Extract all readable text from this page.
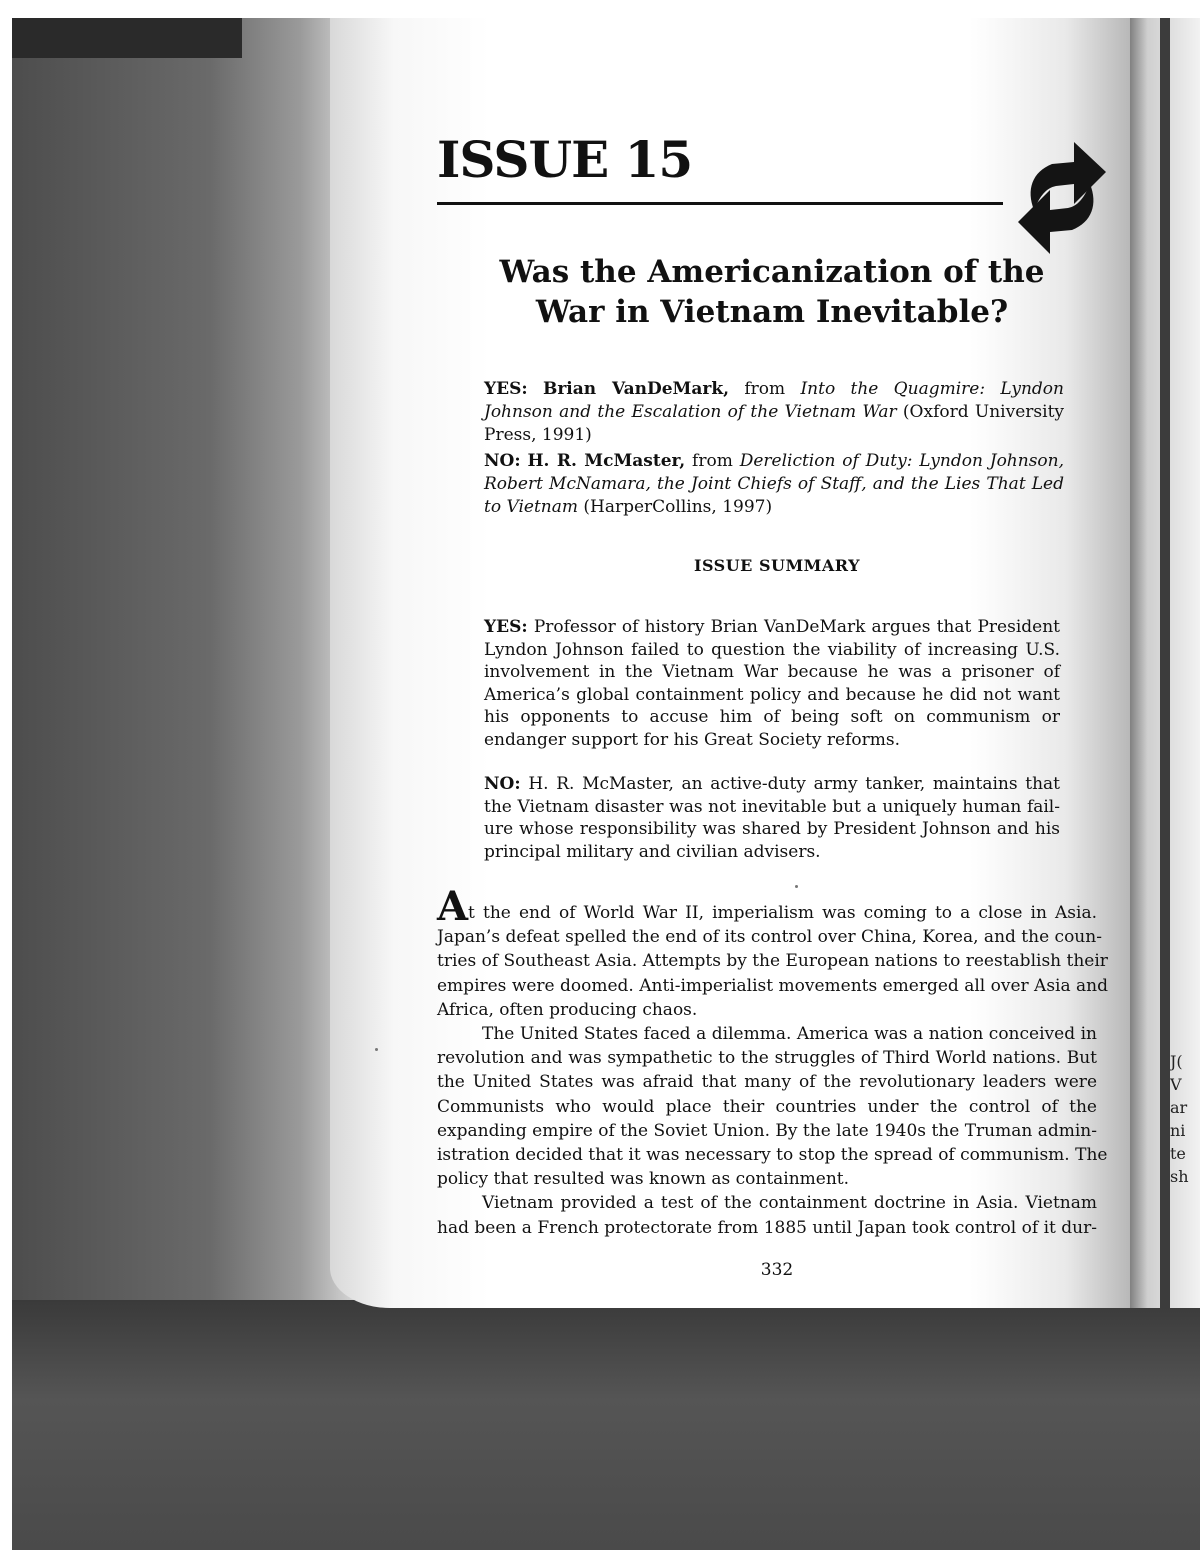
J(
V
ar
ni
te
sh
ISSUE 15
Was the Americanization of the
War in Vietnam Inevitable?
YES: Brian VanDeMark, from Into the Quagmire: Lyndon Johnson and the Escalation of the Vietnam War (Oxford University Press, 1991)
NO: H. R. McMaster, from Dereliction of Duty: Lyndon Johnson, Robert McNamara, the Joint Chiefs of Staff, and the Lies That Led to Vietnam (HarperCollins, 1997)
ISSUE SUMMARY
YES: Professor of history Brian VanDeMark argues that President
Lyndon Johnson failed to question the viability of increasing U.S.
involvement in the Vietnam War because he was a prisoner of
America’s global containment policy and because he did not want
his opponents to accuse him of being soft on communism or
endanger support for his Great Society reforms.
NO: H. R. McMaster, an active-duty army tanker, maintains that
the Vietnam disaster was not inevitable but a uniquely human fail-
ure whose responsibility was shared by President Johnson and his
principal military and civilian advisers.
At the end of World War II, imperialism was coming to a close in Asia.
Japan’s defeat spelled the end of its control over China, Korea, and the coun-
tries of Southeast Asia. Attempts by the European nations to reestablish their
empires were doomed. Anti-imperialist movements emerged all over Asia and
Africa, often producing chaos.
The United States faced a dilemma. America was a nation conceived in
revolution and was sympathetic to the struggles of Third World nations. But
the United States was afraid that many of the revolutionary leaders were
Communists who would place their countries under the control of the
expanding empire of the Soviet Union. By the late 1940s the Truman admin-
istration decided that it was necessary to stop the spread of communism. The
policy that resulted was known as containment.
Vietnam provided a test of the containment doctrine in Asia. Vietnam
had been a French protectorate from 1885 until Japan took control of it dur-
332
